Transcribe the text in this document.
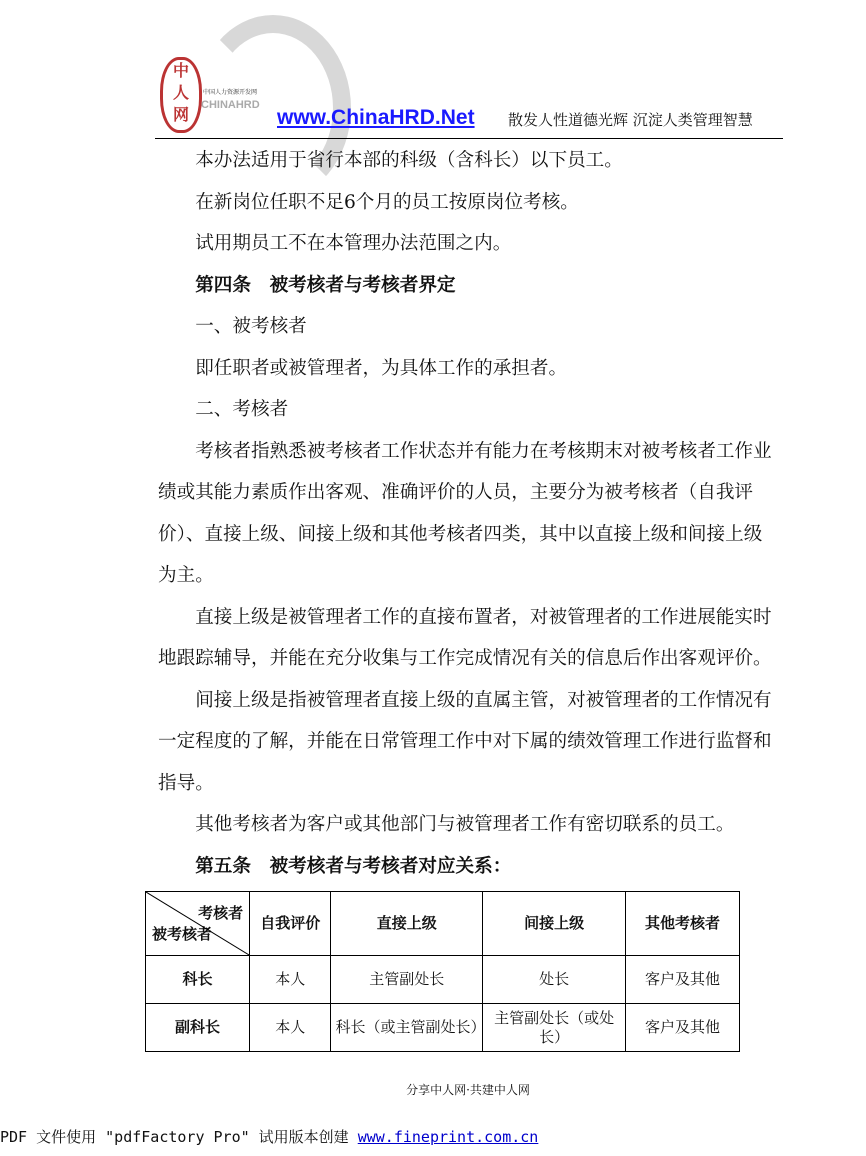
中
人
网
中国人力资源开发网
CHINAHRD
www.ChinaHRD.Net 散发人性道德光辉 沉淀人类管理智慧

本办法适用于省行本部的科级（含科长）以下员工。

在新岗位任职不足6个月的员工按原岗位考核。

试用期员工不在本管理办法范围之内。

第四条　被考核者与考核者界定

一、被考核者

即任职者或被管理者，为具体工作的承担者。

二、考核者

考核者指熟悉被考核者工作状态并有能力在考核期末对被考核者工作业绩或其能力素质作出客观、准确评价的人员，主要分为被考核者（自我评价）、直接上级、间接上级和其他考核者四类，其中以直接上级和间接上级为主。

直接上级是被管理者工作的直接布置者，对被管理者的工作进展能实时地跟踪辅导，并能在充分收集与工作完成情况有关的信息后作出客观评价。

间接上级是指被管理者直接上级的直属主管，对被管理者的工作情况有一定程度的了解，并能在日常管理工作中对下属的绩效管理工作进行监督和指导。

其他考核者为客户或其他部门与被管理者工作有密切联系的员工。

第五条　被考核者与考核者对应关系：

考核者
被考核者	自我评价	直接上级	间接上级	其他考核者
科长	本人	主管副处长	处长	客户及其他
副科长	本人	科长（或主管副处长）	主管副处长（或处长）	客户及其他
分享中人网·共建中人网
PDF 文件使用 "pdfFactory Pro" 试用版本创建 www.fineprint.com.cn
